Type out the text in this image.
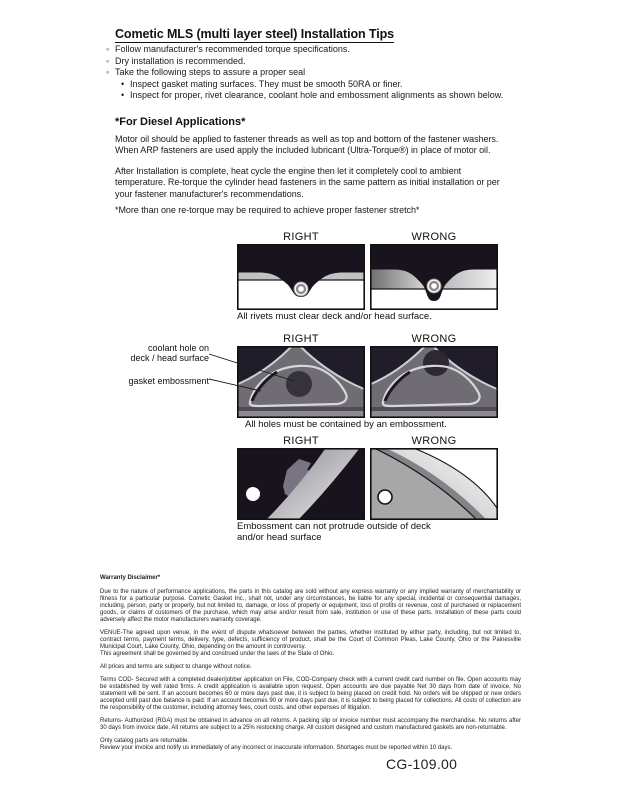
Cometic MLS (multi layer steel) Installation Tips
◦ Follow manufacturer's recommended torque specifications.
◦ Dry installation is recommended.
◦ Take the following steps to assure a proper seal
• Inspect gasket mating surfaces. They must be smooth 50RA or finer.
• Inspect for proper, rivet clearance, coolant hole and embossment alignments as shown below.
*For Diesel Applications*
Motor oil should be applied to fastener threads as well as top and bottom of the fastener washers. When ARP fasteners are used apply the included lubricant (Ultra-Torque®) in place of motor oil.
After Installation is complete, heat cycle the engine then let it completely cool to ambient temperature. Re-torque the cylinder head fasteners in the same pattern as initial installation or per your fastener manufacturer's recommendations.
*More than one re-torque may be required to achieve proper fastener stretch*
RIGHT	WRONG
All rivets must clear deck and/or head surface.
coolant hole on
deck / head surface
gasket embossment
RIGHT	WRONG
All holes must be contained by an embossment.
RIGHT	WRONG
Embossment can not protrude outside of deck
and/or head surface

Warranty Disclaimer*

Due to the nature of performance applications, the parts in this catalog are sold without any express warranty or any implied warranty of merchantability or fitness for a particular purpose. Cometic Gasket Inc., shall not, under any circumstances, be liable for any special, incidental or consequential damages, including, person, party or property, but not limited to, damage, or loss of property or equipment, loss of profits or revenue, cost of purchased or replacement goods, or claims of customers of the purchase, which may arise and/or result from sale, institution or use of these parts. Installation of these parts could adversely affect the motor manufacturers warranty coverage.

VENUE-The agreed upon venue, in the event of dispute whatsoever between the parties, whether instituted by either party, including, but not limited to, contract terms, payment terms, delivery, type, defects, sufficiency of product, shall be the Court of Common Pleas, Lake County, Ohio or the Painesville Municipal Court, Lake County, Ohio, depending on the amount in controversy.

This agreement shall be governed by and construed under the laws of the State of Ohio.

All prices and terms are subject to change without notice.

Terms COD- Secured with a completed dealer/jobber application on File, COD-Company check with a current credit card number on file. Open accounts may be established by well rated firms. A credit application is available upon request. Open accounts are due payable Net 30 days from date of invoice. No statement will be sent. If an account becomes 60 or more days past due, it is subject to being placed on credit hold. No orders will be shipped or new orders accepted until past due balance is paid. If an account becomes 90 or more days past due, it is subject to being placed for collections. All costs of collection are the responsibility of the customer, including attorney fees, court costs, and other expenses of litigation.

Returns- Authorized (RGA) must be obtained in advance on all returns. A packing slip or invoice number must accompany the merchandise. No returns after 30 days from invoice date. All returns are subject to a 25% restocking charge. All custom designed and custom manufactured gaskets are non-returnable.

Only catalog parts are returnable.

Review your invoice and notify us immediately of any incorrect or inaccurate information. Shortages must be reported within 10 days.

CG-109.00
